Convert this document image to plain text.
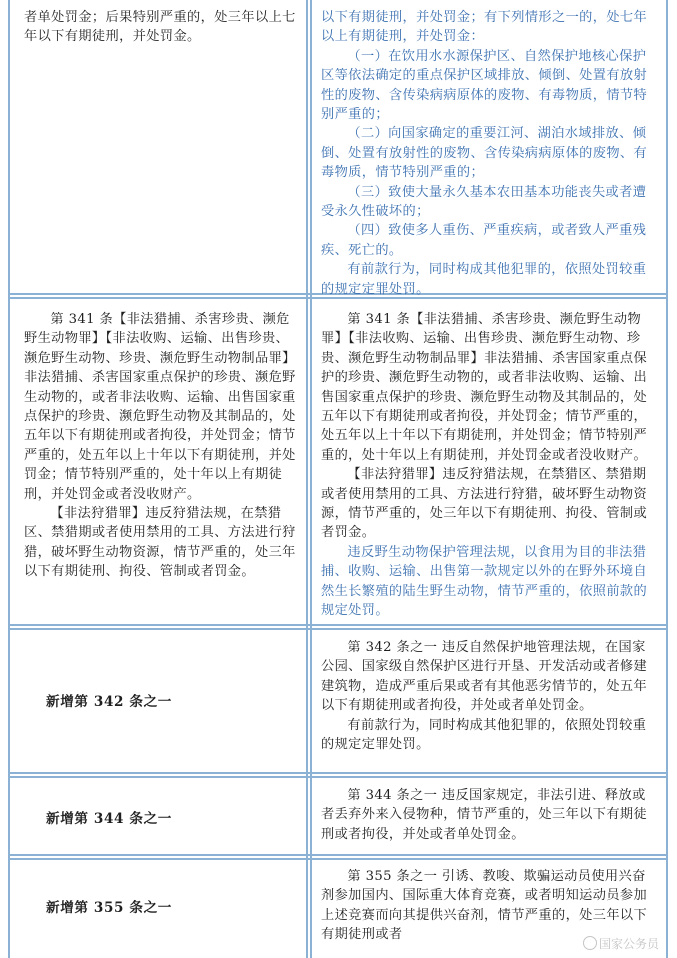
者单处罚金；后果特别严重的，处三年以上七年以下有期徒刑，并处罚金。

以下有期徒刑，并处罚金；有下列情形之一的，处七年以上有期徒刑，并处罚金：

（一）在饮用水水源保护区、自然保护地核心保护区等依法确定的重点保护区域排放、倾倒、处置有放射性的废物、含传染病病原体的废物、有毒物质，情节特别严重的；

（二）向国家确定的重要江河、湖泊水域排放、倾倒、处置有放射性的废物、含传染病病原体的废物、有毒物质，情节特别严重的；

（三）致使大量永久基本农田基本功能丧失或者遭受永久性破坏的；

（四）致使多人重伤、严重疾病，或者致人严重残疾、死亡的。

有前款行为，同时构成其他犯罪的，依照处罚较重的规定定罪处罚。

第 341 条【非法猎捕、杀害珍贵、濒危野生动物罪】【非法收购、运输、出售珍贵、濒危野生动物、珍贵、濒危野生动物制品罪】非法猎捕、杀害国家重点保护的珍贵、濒危野生动物的，或者非法收购、运输、出售国家重点保护的珍贵、濒危野生动物及其制品的，处五年以下有期徒刑或者拘役，并处罚金；情节严重的，处五年以上十年以下有期徒刑，并处罚金；情节特别严重的，处十年以上有期徒刑，并处罚金或者没收财产。

【非法狩猎罪】违反狩猎法规，在禁猎区、禁猎期或者使用禁用的工具、方法进行狩猎，破坏野生动物资源，情节严重的，处三年以下有期徒刑、拘役、管制或者罚金。

第 341 条【非法猎捕、杀害珍贵、濒危野生动物罪】【非法收购、运输、出售珍贵、濒危野生动物、珍贵、濒危野生动物制品罪】非法猎捕、杀害国家重点保护的珍贵、濒危野生动物的，或者非法收购、运输、出售国家重点保护的珍贵、濒危野生动物及其制品的，处五年以下有期徒刑或者拘役，并处罚金；情节严重的，处五年以上十年以下有期徒刑，并处罚金；情节特别严重的，处十年以上有期徒刑，并处罚金或者没收财产。

【非法狩猎罪】违反狩猎法规，在禁猎区、禁猎期或者使用禁用的工具、方法进行狩猎，破坏野生动物资源，情节严重的，处三年以下有期徒刑、拘役、管制或者罚金。

违反野生动物保护管理法规，以食用为目的非法猎捕、收购、运输、出售第一款规定以外的在野外环境自然生长繁殖的陆生野生动物，情节严重的，依照前款的规定处罚。

新增第 342 条之一

第 342 条之一 违反自然保护地管理法规，在国家公园、国家级自然保护区进行开垦、开发活动或者修建建筑物，造成严重后果或者有其他恶劣情节的，处五年以下有期徒刑或者拘役，并处或者单处罚金。

有前款行为，同时构成其他犯罪的，依照处罚较重的规定定罪处罚。

新增第 344 条之一

第 344 条之一 违反国家规定，非法引进、释放或者丢弃外来入侵物种，情节严重的，处三年以下有期徒刑或者拘役，并处或者单处罚金。

新增第 355 条之一

第 355 条之一 引诱、教唆、欺骗运动员使用兴奋剂参加国内、国际重大体育竞赛，或者明知运动员参加上述竞赛而向其提供兴奋剂，情节严重的，处三年以下有期徒刑或者

国家公务员
